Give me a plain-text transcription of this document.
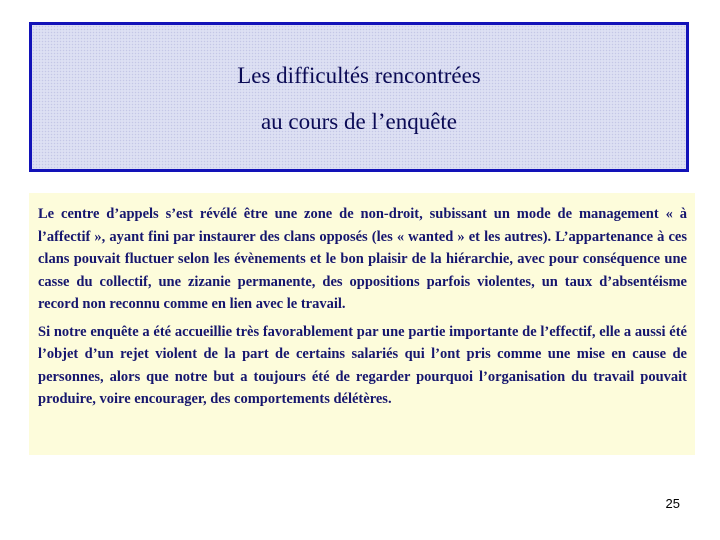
Les difficultés rencontrées
au cours de l’enquête

Le centre d’appels s’est révélé être une zone de non-droit, subissant un mode de management « à l’affectif », ayant fini par instaurer des clans opposés (les « wanted » et les autres). L’appartenance à ces clans pouvait fluctuer selon les évènements et le bon plaisir de la hiérarchie, avec pour conséquence une casse du collectif, une zizanie permanente, des oppositions parfois violentes, un taux d’absentéisme record non reconnu comme en lien avec le travail.

Si notre enquête a été accueillie très favorablement par une partie importante de l’effectif, elle a aussi été l’objet d’un rejet violent de la part de certains salariés qui l’ont pris comme une mise en cause de personnes, alors que notre but a toujours été de regarder pourquoi l’organisation du travail pouvait produire, voire encourager, des comportements délétères.

25
